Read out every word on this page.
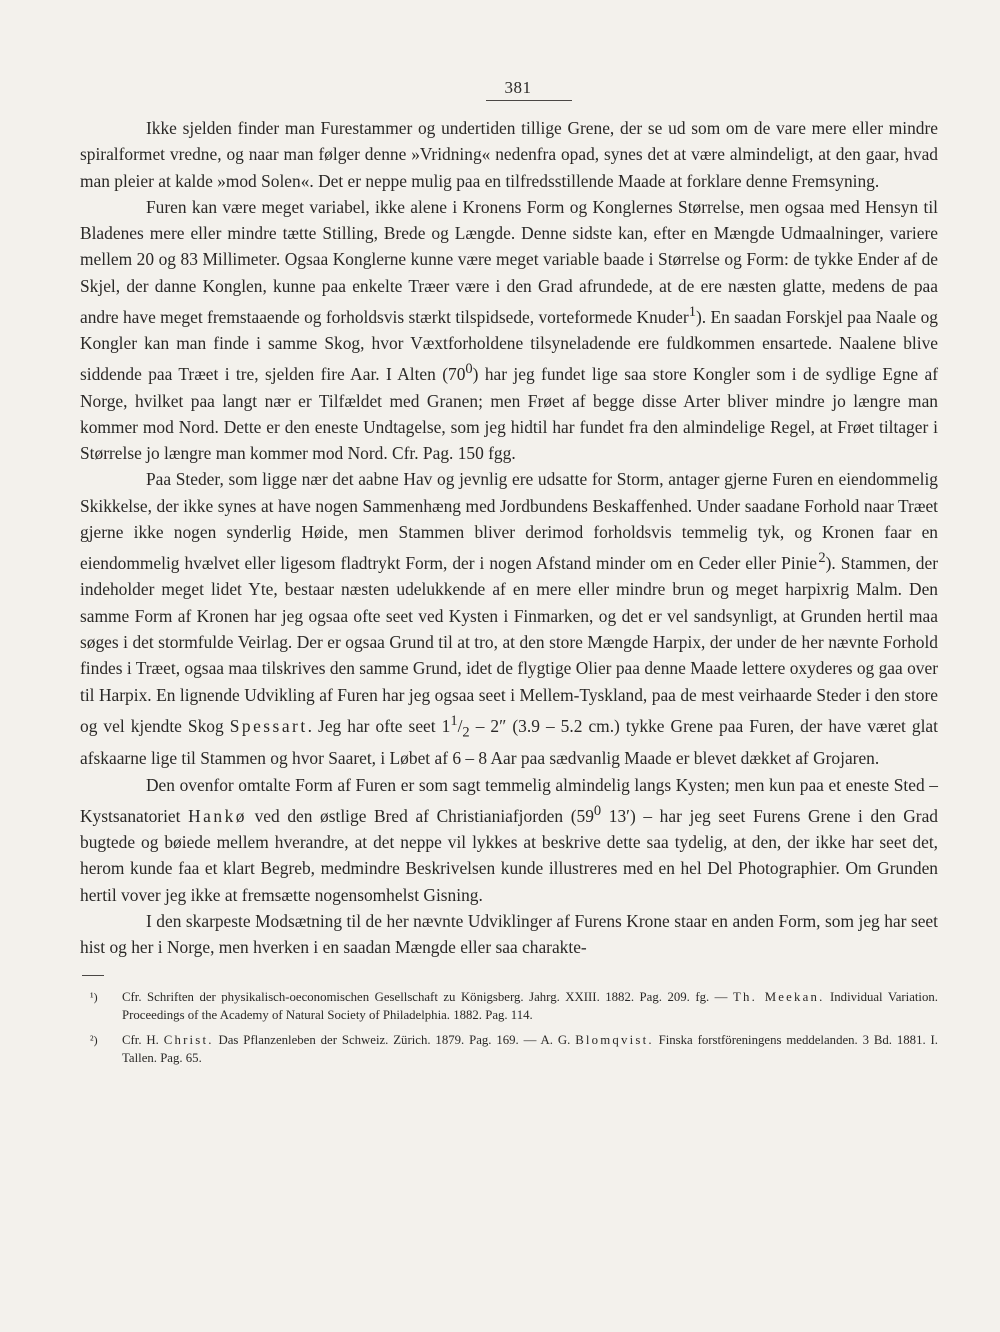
381

Ikke sjelden finder man Furestammer og undertiden tillige Grene, der se ud som om de vare mere eller mindre spiralformet vredne, og naar man følger denne »Vridning« nedenfra opad, synes det at være almindeligt, at den gaar, hvad man pleier at kalde »mod Solen«. Det er neppe mulig paa en tilfredsstillende Maade at forklare denne Fremsyning.

Furen kan være meget variabel, ikke alene i Kronens Form og Konglernes Størrelse, men ogsaa med Hensyn til Bladenes mere eller mindre tætte Stilling, Brede og Længde. Denne sidste kan, efter en Mængde Udmaalninger, variere mellem 20 og 83 Millimeter. Ogsaa Konglerne kunne være meget variable baade i Størrelse og Form: de tykke Ender af de Skjel, der danne Konglen, kunne paa enkelte Træer være i den Grad afrundede, at de ere næsten glatte, medens de paa andre have meget fremstaaende og forholdsvis stærkt tilspidsede, vorteformede Knuder$^1$). En saadan Forskjel paa Naale og Kongler kan man finde i samme Skog, hvor Væxtforholdene tilsyneladende ere fuldkommen ensartede. Naalene blive siddende paa Træet i tre, sjelden fire Aar. I Alten $(70^0)$ har jeg fundet lige saa store Kongler som i de sydlige Egne af Norge, hvilket paa langt nær er Tilfældet med Granen; men Frøet af begge disse Arter bliver mindre jo længre man kommer mod Nord. Dette er den eneste Undtagelse, som jeg hidtil har fundet fra den almindelige Regel, at Frøet tiltager i Størrelse jo længre man kommer mod Nord. Cfr. Pag. 150 fgg.

Paa Steder, som ligge nær det aabne Hav og jevnlig ere udsatte for Storm, antager gjerne Furen en eiendommelig Skikkelse, der ikke synes at have nogen Sammenhæng med Jordbundens Beskaffenhed. Under saadane Forhold naar Træet gjerne ikke nogen synderlig Høide, men Stammen bliver derimod forholdsvis temmelig tyk, og Kronen faar en eiendommelig hvælvet eller ligesom fladtrykt Form, der i nogen Afstand minder om en Ceder eller Pinie $^2$). Stammen, der indeholder meget lidet Yte, bestaar næsten udelukkende af en mere eller mindre brun og meget harpixrig Malm. Den samme Form af Kronen har jeg ogsaa ofte seet ved Kysten i Finmarken, og det er vel sandsynligt, at Grunden hertil maa søges i det stormfulde Veirlag. Der er ogsaa Grund til at tro, at den store Mængde Harpix, der under de her nævnte Forhold findes i Træet, ogsaa maa tilskrives den samme Grund, idet de flygtige Olier paa denne Maade lettere oxyderes og gaa over til Harpix. En lignende Udvikling af Furen har jeg ogsaa seet i Mellem-Tyskland, paa de mest veirhaarde Steder i den store og vel kjendte Skog Spessart. Jeg har ofte seet $1^1/_2 - 2''$ (3.9 – 5.2 cm.) tykke Grene paa Furen, der have været glat afskaarne lige til Stammen og hvor Saaret, i Løbet af 6 – 8 Aar paa sædvanlig Maade er blevet dækket af Grojaren.

Den ovenfor omtalte Form af Furen er som sagt temmelig almindelig langs Kysten; men kun paa et eneste Sted – Kystsanatoriet Hankø ved den østlige Bred af Christianiafjorden ($59^0$ 13′) – har jeg seet Furens Grene i den Grad bugtede og bøiede mellem hverandre, at det neppe vil lykkes at beskrive dette saa tydelig, at den, der ikke har seet det, herom kunde faa et klart Begreb, medmindre Beskrivelsen kunde illustreres med en hel Del Photographier. Om Grunden hertil vover jeg ikke at fremsætte nogensomhelst Gisning.

I den skarpeste Modsætning til de her nævnte Udviklinger af Furens Krone staar en anden Form, som jeg har seet hist og her i Norge, men hverken i en saadan Mængde eller saa charakte-

¹) Cfr. Schriften der physikalisch-oeconomischen Gesellschaft zu Königsberg. Jahrg. XXIII. 1882. Pag. 209. fg. — Th. Meekan. Individual Variation. Proceedings of the Academy of Natural Society of Philadelphia. 1882. Pag. 114.
²) Cfr. H. Christ. Das Pflanzenleben der Schweiz. Zürich. 1879. Pag. 169. — A. G. Blomqvist. Finska forstföreningens meddelanden. 3 Bd. 1881. I. Tallen. Pag. 65.
